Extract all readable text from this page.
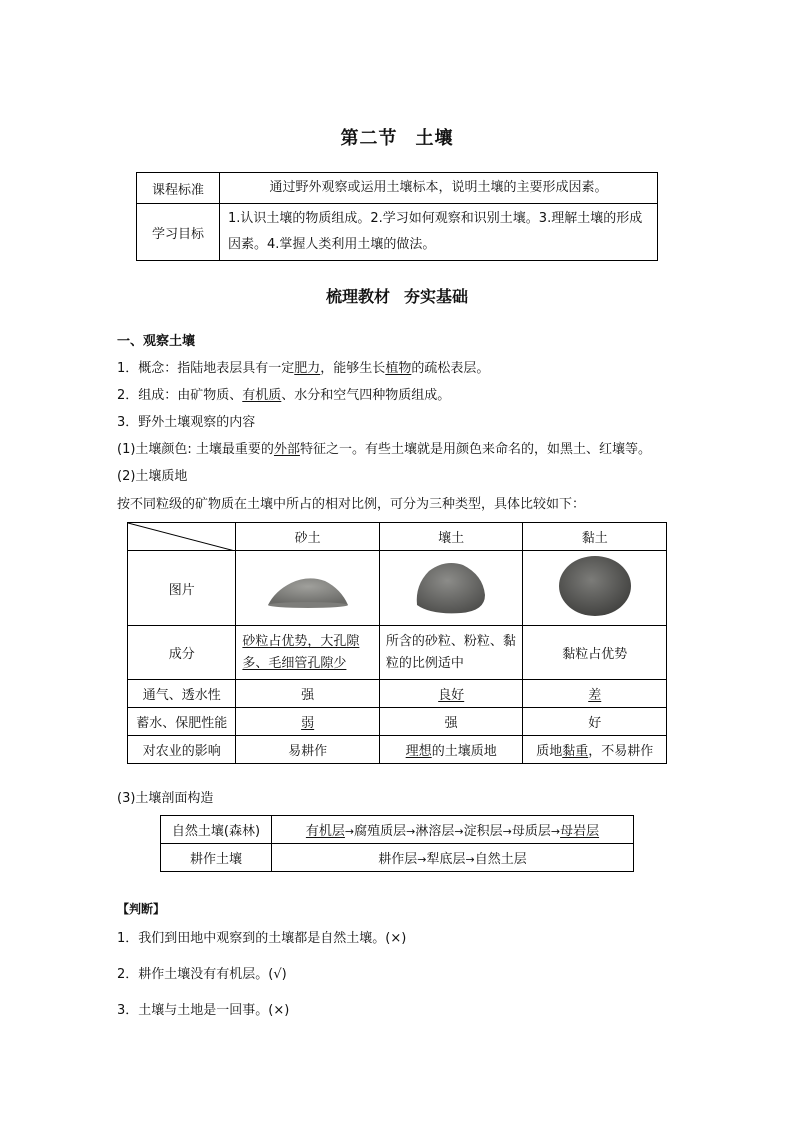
第二节 土壤
课程标准	通过野外观察或运用土壤标本，说明土壤的主要形成因素。
学习目标	1.认识土壤的物质组成。2.学习如何观察和识别土壤。3.理解土壤的形成因素。4.掌握人类利用土壤的做法。
梳理教材 夯实基础
一、观察土壤
1．概念：指陆地表层具有一定肥力，能够生长植物的疏松表层。
2．组成：由矿物质、有机质、水分和空气四种物质组成。
3．野外土壤观察的内容
(1)土壤颜色: 土壤最重要的外部特征之一。有些土壤就是用颜色来命名的，如黑土、红壤等。
(2)土壤质地
按不同粒级的矿物质在土壤中所占的相对比例，可分为三种类型，具体比较如下：
	砂土	壤土	黏土
图片			
成分	砂粒占优势，大孔隙多、毛细管孔隙少	所含的砂粒、粉粒、黏粒的比例适中	黏粒占优势
通气、透水性	强	良好	差
蓄水、保肥性能	弱	强	好
对农业的影响	易耕作	理想的土壤质地	质地黏重，不易耕作
(3)土壤剖面构造
自然土壤(森林)	有机层→腐殖质层→淋溶层→淀积层→母质层→母岩层
耕作土壤	耕作层→犁底层→自然土层
【判断】
1．我们到田地中观察到的土壤都是自然土壤。(×)
2．耕作土壤没有有机层。(√)
3．土壤与土地是一回事。(×)
